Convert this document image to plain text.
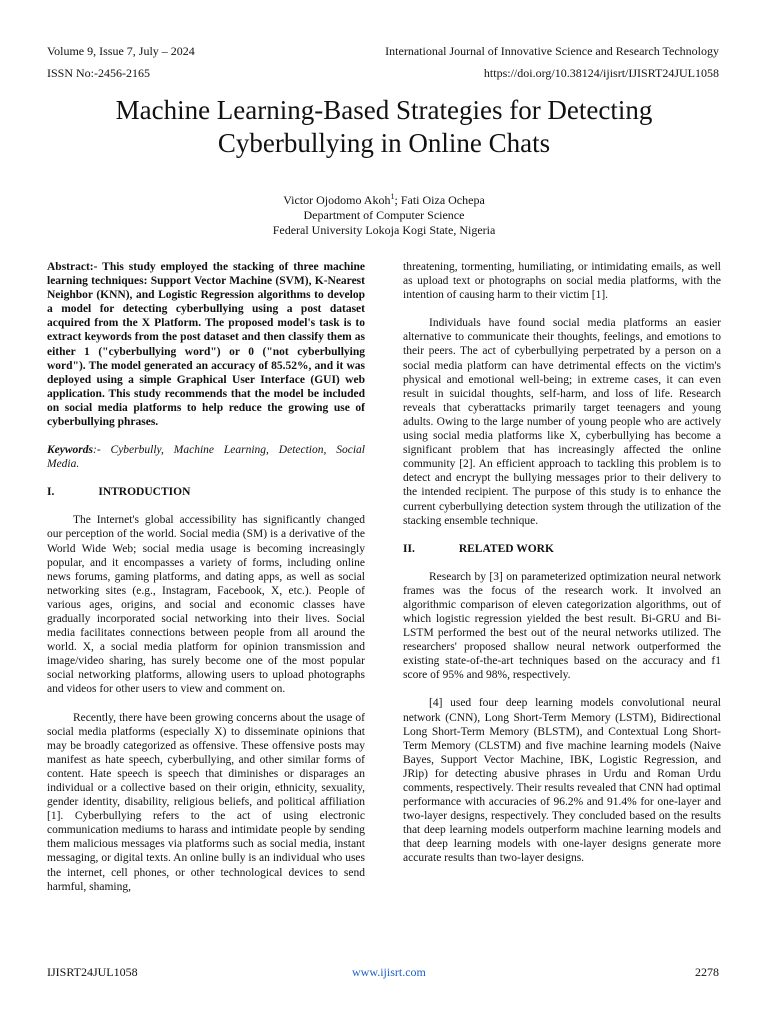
Volume 9, Issue 7, July – 2024	International Journal of Innovative Science and Research Technology
ISSN No:-2456-2165	https://doi.org/10.38124/ijisrt/IJISRT24JUL1058
Machine Learning-Based Strategies for Detecting
Cyberbullying in Online Chats
Victor Ojodomo Akoh$^1$; Fati Oiza Ochepa
Department of Computer Science
Federal University Lokoja Kogi State, Nigeria

Abstract:- This study employed the stacking of three machine learning techniques: Support Vector Machine (SVM), K-Nearest Neighbor (KNN), and Logistic Regression algorithms to develop a model for detecting cyberbullying using a post dataset acquired from the X Platform. The proposed model's task is to extract keywords from the post dataset and then classify them as either 1 ("cyberbullying word") or 0 ("not cyberbullying word"). The model generated an accuracy of 85.52%, and it was deployed using a simple Graphical User Interface (GUI) web application. This study recommends that the model be included on social media platforms to help reduce the growing use of cyberbullying phrases.

Keywords:- Cyberbully, Machine Learning, Detection, Social Media.

I.	INTRODUCTION

The Internet's global accessibility has significantly changed our perception of the world. Social media (SM) is a derivative of the World Wide Web; social media usage is becoming increasingly popular, and it encompasses a variety of forms, including online news forums, gaming platforms, and dating apps, as well as social networking sites (e.g., Instagram, Facebook, X, etc.). People of various ages, origins, and social and economic classes have gradually incorporated social networking into their lives. Social media facilitates connections between people from all around the world. X, a social media platform for opinion transmission and image/video sharing, has surely become one of the most popular social networking platforms, allowing users to upload photographs and videos for other users to view and comment on.

Recently, there have been growing concerns about the usage of social media platforms (especially X) to disseminate opinions that may be broadly categorized as offensive. These offensive posts may manifest as hate speech, cyberbullying, and other similar forms of content. Hate speech is speech that diminishes or disparages an individual or a collective based on their origin, ethnicity, sexuality, gender identity, disability, religious beliefs, and political affiliation [1]. Cyberbullying refers to the act of using electronic communication mediums to harass and intimidate people by sending them malicious messages via platforms such as social media, instant messaging, or digital texts. An online bully is an individual who uses the internet, cell phones, or other technological devices to send harmful, shaming,

threatening, tormenting, humiliating, or intimidating emails, as well as upload text or photographs on social media platforms, with the intention of causing harm to their victim [1].

Individuals have found social media platforms an easier alternative to communicate their thoughts, feelings, and emotions to their peers. The act of cyberbullying perpetrated by a person on a social media platform can have detrimental effects on the victim's physical and emotional well-being; in extreme cases, it can even result in suicidal thoughts, self-harm, and loss of life. Research reveals that cyberattacks primarily target teenagers and young adults. Owing to the large number of young people who are actively using social media platforms like X, cyberbullying has become a significant problem that has increasingly affected the online community [2]. An efficient approach to tackling this problem is to detect and encrypt the bullying messages prior to their delivery to the intended recipient. The purpose of this study is to enhance the current cyberbullying detection system through the utilization of the stacking ensemble technique.

II.	RELATED WORK

Research by [3] on parameterized optimization neural network frames was the focus of the research work. It involved an algorithmic comparison of eleven categorization algorithms, out of which logistic regression yielded the best result. Bi-GRU and Bi-LSTM performed the best out of the neural networks utilized. The researchers' proposed shallow neural network outperformed the existing state-of-the-art techniques based on the accuracy and f1 score of 95% and 98%, respectively.

[4] used four deep learning models convolutional neural network (CNN), Long Short-Term Memory (LSTM), Bidirectional Long Short-Term Memory (BLSTM), and Contextual Long Short-Term Memory (CLSTM) and five machine learning models (Naive Bayes, Support Vector Machine, IBK, Logistic Regression, and JRip) for detecting abusive phrases in Urdu and Roman Urdu comments, respectively. Their results revealed that CNN had optimal performance with accuracies of 96.2% and 91.4% for one-layer and two-layer designs, respectively. They concluded based on the results that deep learning models outperform machine learning models and that deep learning models with one-layer designs generate more accurate results than two-layer designs.

IJISRT24JUL1058	www.ijisrt.com	2278
